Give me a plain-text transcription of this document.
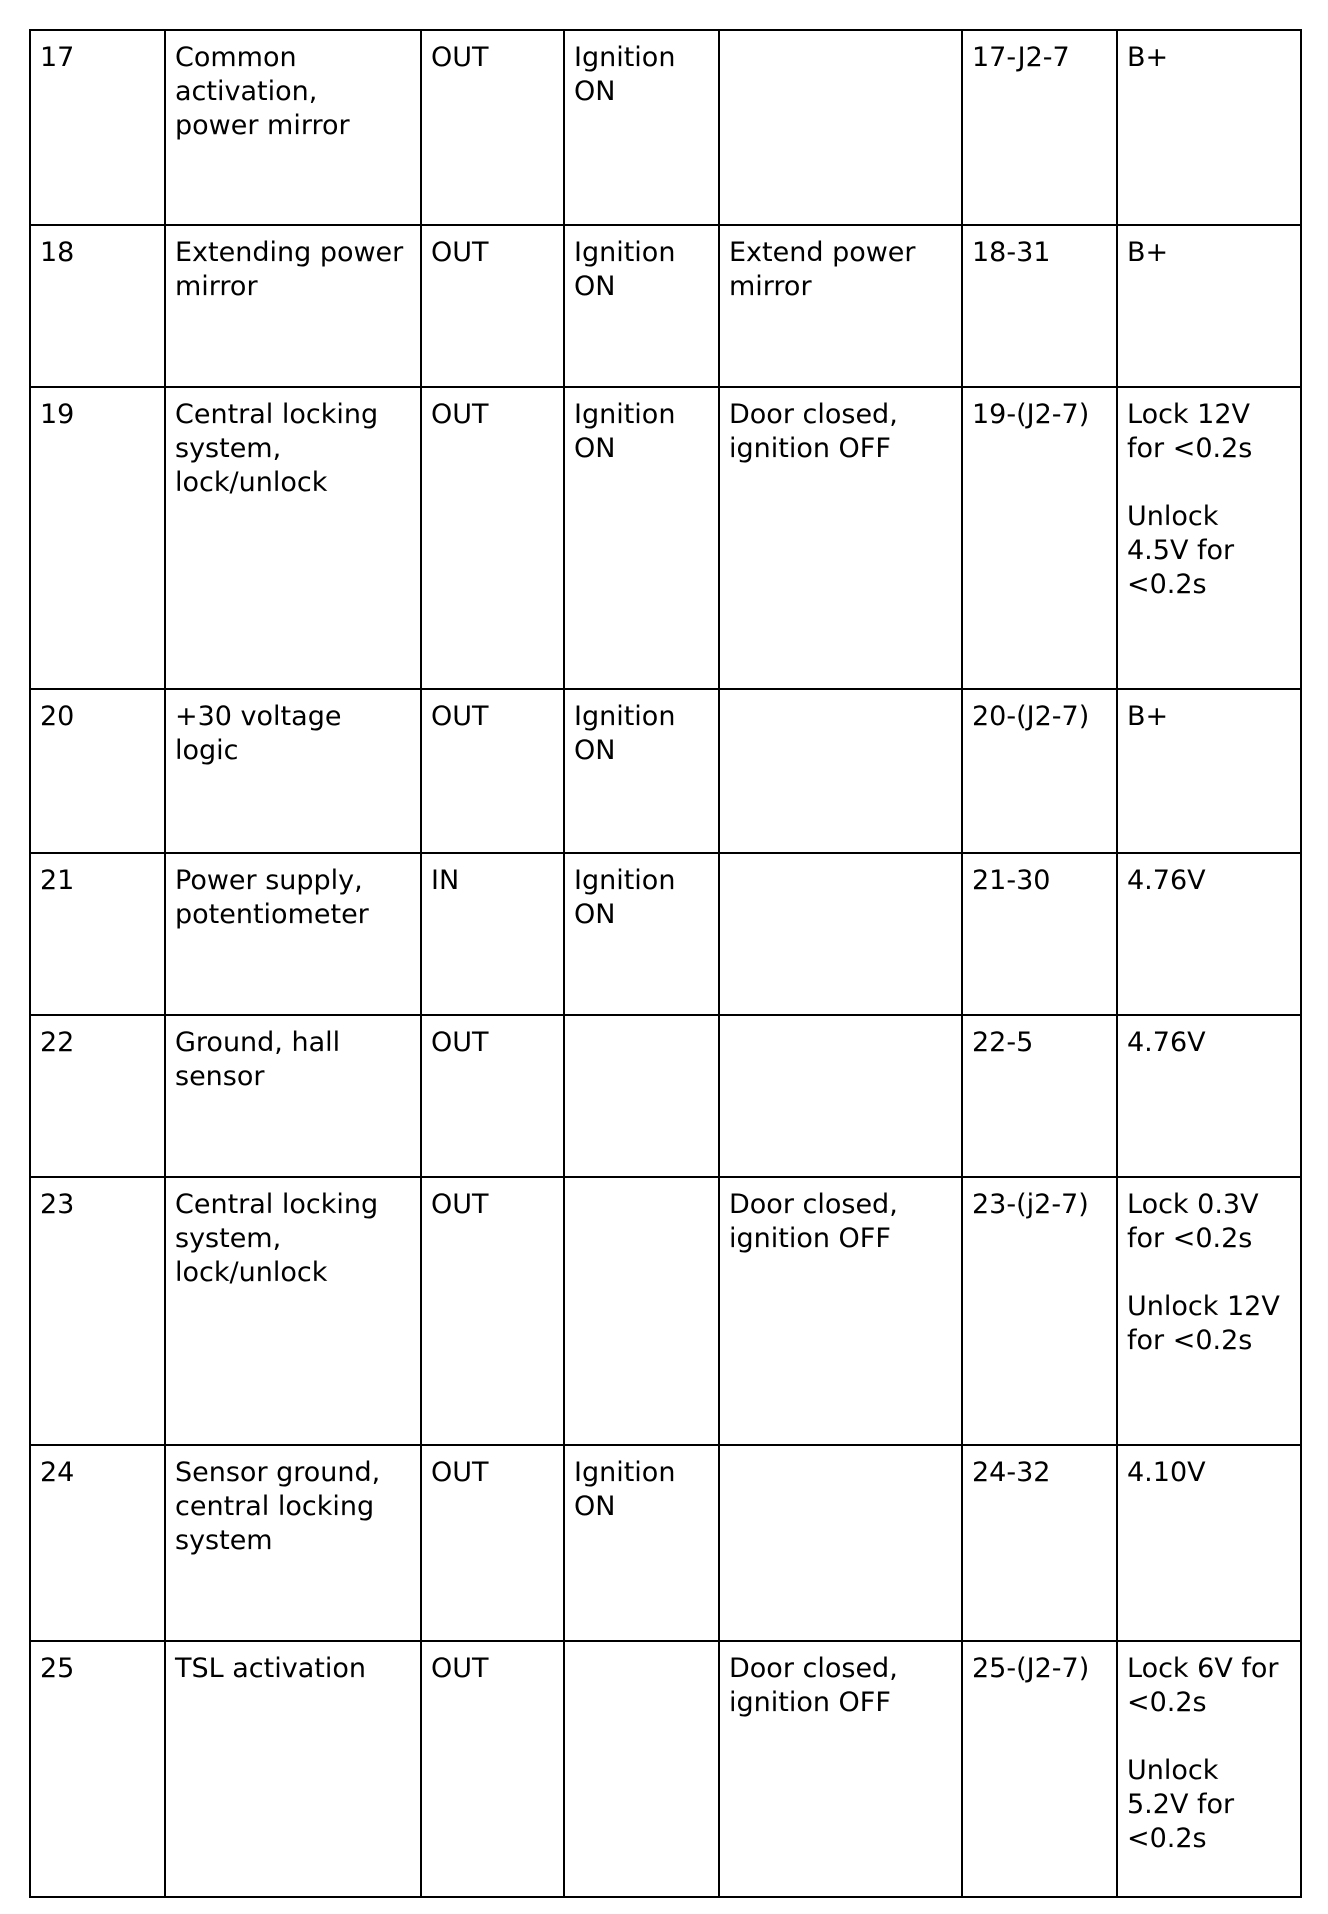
17	Common
activation,
power mirror	OUT	Ignition
ON		17-J2-7	B+

18	Extending power
mirror	OUT	Ignition
ON	Extend power
mirror	18-31	B+

19	Central locking
system,
lock/unlock	OUT	Ignition
ON	Door closed,
ignition OFF	19-(J2-7)	Lock 12V
for <0.2s
Unlock
4.5V for
<0.2s

20	+30 voltage
logic	OUT	Ignition
ON		20-(J2-7)	B+

21	Power supply,
potentiometer	IN	Ignition
ON		21-30	4.76V

22	Ground, hall
sensor	OUT			22-5	4.76V

23	Central locking
system,
lock/unlock	OUT		Door closed,
ignition OFF	23-(j2-7)	Lock 0.3V
for <0.2s
Unlock 12V
for <0.2s

24	Sensor ground,
central locking
system	OUT	Ignition
ON		24-32	4.10V

25	TSL activation	OUT		Door closed,
ignition OFF	25-(J2-7)	Lock 6V for
<0.2s
Unlock
5.2V for
<0.2s
